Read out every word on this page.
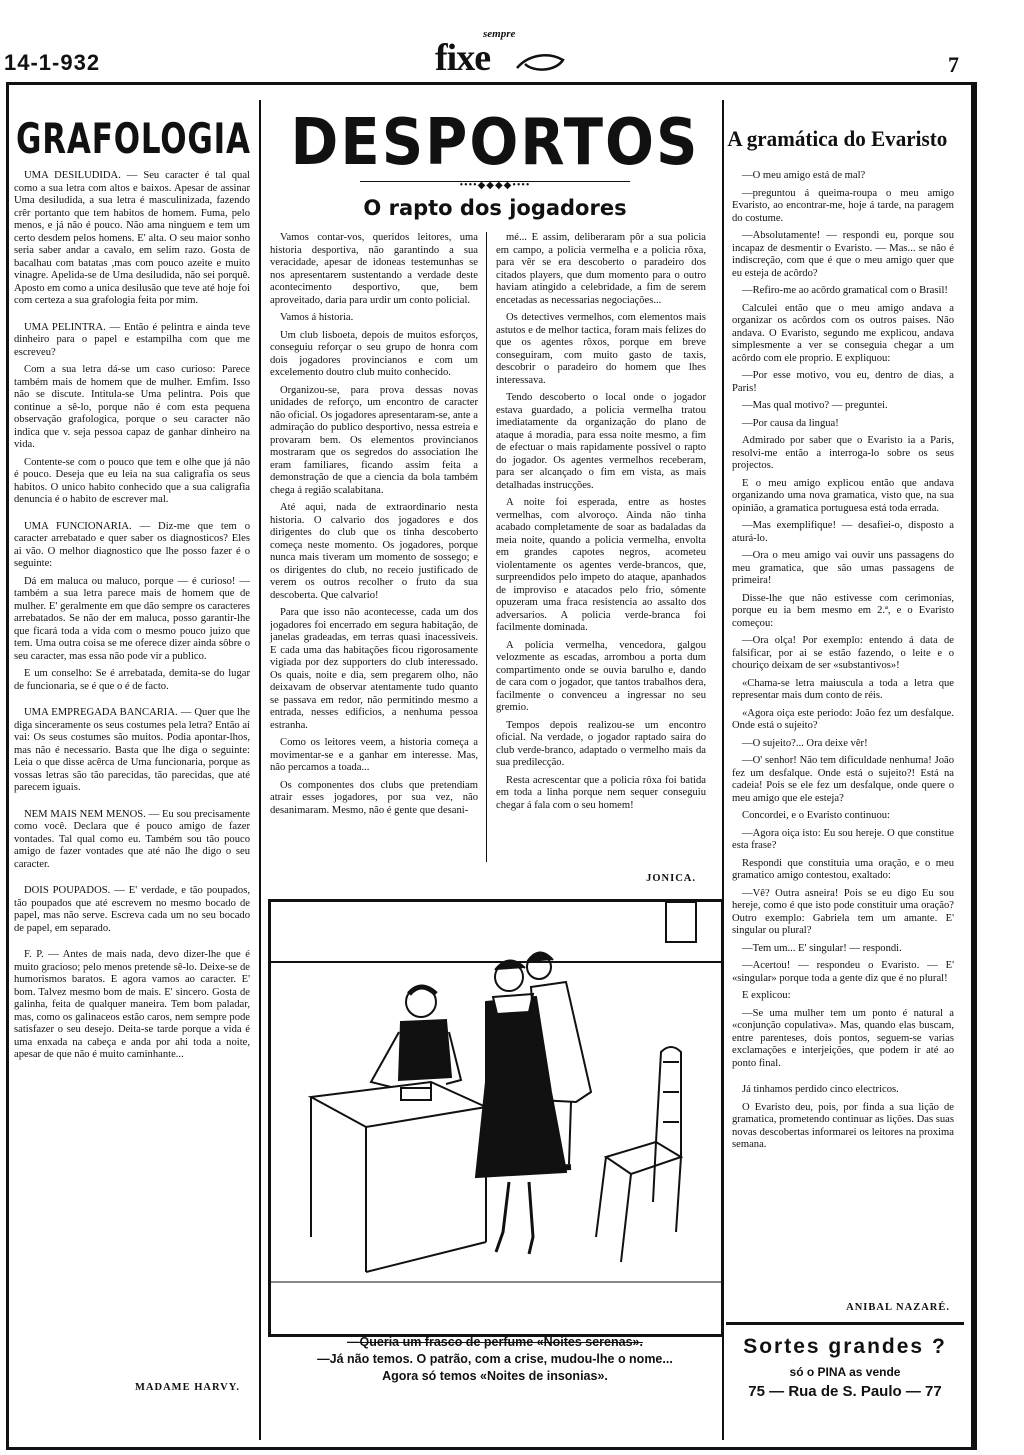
14-1-932
sempre
fixe	7
GRAFOLOGIA

UMA DESILUDIDA. — Seu caracter é tal qual como a sua letra com altos e baixos. Apesar de assinar Uma desiludida, a sua letra é masculinizada, fazendo crêr portanto que tem habitos de homem. Fuma, pelo menos, e já não é pouco. Não ama ninguem e tem um certo desdem pelos homens. E' alta. O seu maior sonho seria saber andar a cavalo, em selim razo. Gosta de bacalhau com batatas ,mas com pouco azeite e muito vinagre. Apelida-se de Uma desiludida, não sei porquê. Aposto em como a unica desilusão que teve até hoje foi com certeza a sua grafologia feita por mim.

UMA PELINTRA. — Então é pelintra e ainda teve dinheiro para o papel e estampilha com que me escreveu?

Com a sua letra dá-se um caso curioso: Parece também mais de homem que de mulher. Emfim. Isso não se discute. Intitula-se Uma pelintra. Pois que continue a sê-lo, porque não é com esta pequena observação grafologica, porque o seu caracter não indica que v. seja pessoa capaz de ganhar dinheiro na vida.

Contente-se com o pouco que tem e olhe que já não é pouco. Deseja que eu leia na sua caligrafia os seus habitos. O unico habito conhecido que a sua caligrafia denuncia é o habito de escrever mal.

UMA FUNCIONARIA. — Diz-me que tem o caracter arrebatado e quer saber os diagnosticos? Eles ai vão. O melhor diagnostico que lhe posso fazer é o seguinte:

Dá em maluca ou maluco, porque — é curioso! — também a sua letra parece mais de homem que de mulher. E' geralmente em que dão sempre os caracteres arrebatados. Se não der em maluca, posso garantir-lhe que ficará toda a vida com o mesmo pouco juizo que tem. Uma outra coisa se me oferece dizer ainda sôbre o seu caracter, mas essa não pode vir a publico.

E um conselho: Se é arrebatada, demita-se do lugar de funcionaria, se é que o é de facto.

UMA EMPREGADA BANCARIA. — Quer que lhe diga sinceramente os seus costumes pela letra? Então aí vai: Os seus costumes são muitos. Podia apontar-lhos, mas não é necessario. Basta que lhe diga o seguinte: Leia o que disse acêrca de Uma funcionaria, porque as vossas letras são tão parecidas, tão parecidas, que até parecem iguais.

NEM MAIS NEM MENOS. — Eu sou precisamente como você. Declara que é pouco amigo de fazer vontades. Tal qual como eu. Também sou tão pouco amigo de fazer vontades que até não lhe digo o seu caracter.

DOIS POUPADOS. — E' verdade, e tão poupados, tão poupados que até escrevem no mesmo bocado de papel, mas não serve. Escreva cada um no seu bocado de papel, em separado.

F. P. — Antes de mais nada, devo dizer-lhe que é muito gracioso; pelo menos pretende sê-lo. Deixe-se de humorismos baratos. E agora vamos ao caracter. E' bom. Talvez mesmo bom de mais. E' sincero. Gosta de galinha, feita de qualquer maneira. Tem bom paladar, mas, como os galinaceos estão caros, nem sempre pode satisfazer o seu desejo. Deita-se tarde porque a vida é uma enxada na cabeça e anda por ahi toda a noite, apesar de que não é muito caminhante...

MADAME HARVY.
DESPORTOS
••••◆◆◆◆••••
O rapto dos jogadores

Vamos contar-vos, queridos leitores, uma historia desportiva, não garantindo a sua veracidade, apesar de idoneas testemunhas se nos apresentarem sustentando a verdade deste acontecimento desportivo, que, bem aproveitado, daria para urdir um conto policial.

Vamos á historia.

Um club lisboeta, depois de muitos esforços, conseguiu reforçar o seu grupo de honra com dois jogadores provincianos e com um excelemento doutro club muito conhecido.

Organizou-se, para prova dessas novas unidades de reforço, um encontro de caracter não oficial. Os jogadores apresentaram-se, ante a admiração do publico desportivo, nessa estreia e provaram bem. Os elementos provincianos mostraram que os segredos do association lhe eram familiares, ficando assim feita a demonstração de que a ciencia da bola também chega á região scalabitana.

Até aqui, nada de extraordinario nesta historia. O calvario dos jogadores e dos dirigentes do club que os tinha descoberto começa neste momento. Os jogadores, porque nunca mais tiveram um momento de sossego; e os dirigentes do club, no receio justificado de verem os outros recolher o fruto da sua descoberta. Que calvario!

Para que isso não acontecesse, cada um dos jogadores foi encerrado em segura habitação, de janelas gradeadas, em terras quasi inacessiveis. E cada uma das habitações ficou rigorosamente vigiada por dez supporters do club interessado. Os quais, noite e dia, sem pregarem olho, não deixavam de observar atentamente tudo quanto se passava em redor, não permitindo mesmo a entrada, nesses edificios, a nenhuma pessoa estranha.

Como os leitores veem, a historia começa a movimentar-se e a ganhar em interesse. Mas, não percamos a toada...

Os componentes dos clubs que pretendiam atrair esses jogadores, por sua vez, não desanimaram. Mesmo, não é gente que desani-

mé... E assim, deliberaram pôr a sua policia em campo, a policia vermelha e a policia rôxa, para vêr se era descoberto o paradeiro dos citados players, que dum momento para o outro haviam atingido a celebridade, a fim de serem encetadas as necessarias negociações...

Os detectives vermelhos, com elementos mais astutos e de melhor tactica, foram mais felizes do que os agentes rôxos, porque em breve conseguiram, com muito gasto de taxis, descobrir o paradeiro do homem que lhes interessava.

Tendo descoberto o local onde o jogador estava guardado, a policia vermelha tratou imediatamente da organização do plano de ataque á moradia, para essa noite mesmo, a fim de efectuar o mais rapidamente possivel o rapto do jogador. Os agentes vermelhos receberam, para ser alcançado o fim em vista, as mais detalhadas instrucções.

A noite foi esperada, entre as hostes vermelhas, com alvoroço. Ainda não tinha acabado completamente de soar as badaladas da meia noite, quando a policia vermelha, envolta em grandes capotes negros, acometeu violentamente os agentes verde-brancos, que, surpreendidos pelo impeto do ataque, apanhados de improviso e atacados pelo frio, sómente opuzeram uma fraca resistencia ao assalto dos adversarios. A policia verde-branca foi facilmente dominada.

A policia vermelha, vencedora, galgou velozmente as escadas, arrombou a porta dum compartimento onde se ouvia barulho e, dando de cara com o jogador, que tantos trabalhos dera, facilmente o convenceu a ingressar no seu gremio.

Tempos depois realizou-se um encontro oficial. Na verdade, o jogador raptado saira do club verde-branco, adaptado o vermelho mais da sua predilecção.

Resta acrescentar que a policia rôxa foi batida em toda a linha porque nem sequer conseguiu chegar á fala com o seu homem!

JONICA.
—Queria um frasco de perfume «Noites serenas».
—Já não temos. O patrão, com a crise, mudou-lhe o nome...
Agora só temos «Noites de insonias».
A gramática do Evaristo

—O meu amigo está de mal?

—preguntou á queima-roupa o meu amigo Evaristo, ao encontrar-me, hoje á tarde, na paragem do costume.

—Absolutamente! — respondi eu, porque sou incapaz de desmentir o Evaristo. — Mas... se não é indiscreção, com que é que o meu amigo quer que eu esteja de acôrdo?

—Refiro-me ao acôrdo gramatical com o Brasil!

Calculei então que o meu amigo andava a organizar os acôrdos com os outros paises. Não andava. O Evaristo, segundo me explicou, andava simplesmente a ver se conseguia chegar a um acôrdo com ele proprio. E expliquou:

—Por esse motivo, vou eu, dentro de dias, a Paris!

—Mas qual motivo? — preguntei.

—Por causa da lingua!

Admirado por saber que o Evaristo ia a Paris, resolvi-me então a interroga-lo sobre os seus projectos.

E o meu amigo explicou então que andava organizando uma nova gramatica, visto que, na sua opinião, a gramatica portuguesa está toda errada.

—Mas exemplifique! — desafiei-o, disposto a aturá-lo.

—Ora o meu amigo vai ouvir uns passagens do meu gramatica, que são umas passagens de primeira!

Disse-lhe que não estivesse com cerimonias, porque eu ia bem mesmo em 2.ª, e o Evaristo começou:

—Ora olça! Por exemplo: entendo á data de falsificar, por ai se estão fazendo, o leite e o chouriço deixam de ser «substantivos»!

«Chama-se letra maiuscula a toda a letra que representar mais dum conto de réis.

«Agora oiça este periodo: João fez um desfalque. Onde está o sujeito?

—O sujeito?... Ora deixe vêr!

—O' senhor! Não tem dificuldade nenhuma! João fez um desfalque. Onde está o sujeito?! Está na cadeia! Pois se ele fez um desfalque, onde quere o meu amigo que ele esteja?

Concordei, e o Evaristo continuou:

—Agora oiça isto: Eu sou hereje. O que constitue esta frase?

Respondi que constituia uma oração, e o meu gramatico amigo contestou, exaltado:

—Vê? Outra asneira! Pois se eu digo Eu sou hereje, como é que isto pode constituir uma oração? Outro exemplo: Gabriela tem um amante. E' singular ou plural?

—Tem um... E' singular! — respondi.

—Acertou! — respondeu o Evaristo. — E' «singular» porque toda a gente diz que é no plural!

E explicou:

—Se uma mulher tem um ponto é natural a «conjunção copulativa». Mas, quando elas buscam, entre parenteses, dois pontos, seguem-se varias exclamações e interjeições, que podem ir até ao ponto final.

Já tinhamos perdido cinco electricos.

O Evaristo deu, pois, por finda a sua lição de gramatica, prometendo continuar as lições. Das suas novas descobertas informarei os leitores na proxima semana.

ANIBAL NAZARÉ.
Sortes grandes ?
só o PINA as vende
75 — Rua de S. Paulo — 77
